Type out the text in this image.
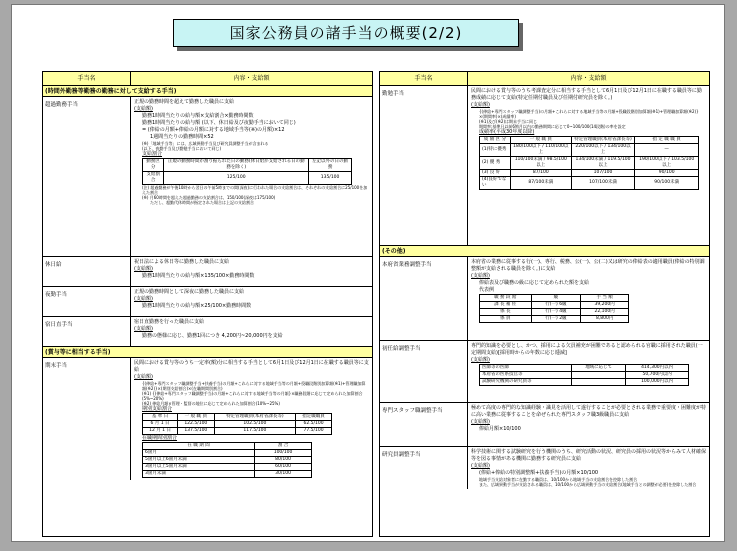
国家公務員の諸手当の概要(2/2)
手当名	内容・支給額
(時間外勤務等勤務の勤務に対して支給する手当)
超過勤務手当	正規の勤務時間を超えて勤務した職員に支給
(支給額)
勤務1時間当たりの給与額×支給割合×勤務時間数
勤務1時間当たりの給与額 (以下、休日給及び夜勤手当において同じ)
= (俸給の月額+俸給の月額に対する地域手当等(※)の月額)×12
1週間当たりの勤務時間×52
(※)「地域手当等」には、広域異動手当及び研究員調整手当が含まれる
(以下、夜勤手当及び勤勉手当において同じ)
支給割合
勤務区分	正規の勤務時間が割り振られた日の勤務(休日給が支給される日の勤務を除く)	左記以外の日の勤務
支給割合	125/100	135/100
(注) 超過勤務が午後10時から翌日の午前5時までの間(深夜)に行われた場合の支給割合は、それぞれの支給割合に25/100を加えた割合
(※) 月60時間を超えた超過勤務の支給割合は、150/100(深夜は175/100)
ただし、超勤代休時間が指定された場合は上記の支給割合
休日給	祝日法による休日等に勤務した職員に支給
(支給額)
勤務1時間当たりの給与額×135/100×勤務時間数
夜勤手当	正規の勤務時間として深夜に勤務した職員に支給
(支給額)
勤務1時間当たりの給与額×25/100×勤務時間数
宿日直手当	宿日直勤務を行った職員に支給
(支給額)
勤務の態様に応じ、勤務1回につき 4,200円~20,000円を支給
(賞与等に相当する手当)
期末手当	民間における賞与等のうち一定率(額)分に相当する手当として6月1日及び12月1日に在職する職員等に支給
(支給額)
{(俸給+専門スタッフ職調整手当+扶養手当)の月額+これらに対する地域手当等の月額+役職段階別加算額(※1)+管理職加算額(※2)}×(期別支給割合)×(在職期間別割合)
(※1) {(俸給+専門スタッフ職調整手当)の月額+これらに対する地域手当等の月額}×職務段階に応じて定められた加算割合(5%~20%)
(※2) 俸給月額×管理・監督の地位に応じて定められた加算割合(10%~25%)
期別支給割合
基 準 日	一 般 職 員	特定管理職員(本府省課長等)	指定職職員
6 月 1 日	122.5/100	102.5/100	62.5/100
12 月 1 日	137.5/100	117.5/100	77.5/100
在職期間別割合
在 職 期 間	割 合
6箇月	100/100
5箇月以上6箇月未満	80/100
3箇月以上5箇月未満	60/100
3箇月未満	30/100
手当名	内容・支給額
勤勉手当	民間における賞与等のうち考課査定分に相当する手当として6月1日及び12月1日に在職する職員等に勤務成績に応じて支給(特定任期付職員及び任期付研究員を除く。)
(支給額)
{(俸給+専門スタッフ職調整手当)の月額+これらに対する地域手当等の月額+役職段階別加算額(※1)+管理職加算額(※2)}×(期間率)×(成績率)
(※1)及び(※2)は期末手当に同じ
期間率:基準日以前6箇月以内の勤務期間に応じて0~100/100(14段階)の率を設定
成績率(平成30年度以降)
成 績 区 分	一 般 職 員	特定管理職員(本府省課長等)	指 定 職 職 員
(1)特に優秀	180/100以下 / 110/100以上	220/100以下 / 134/100以上	—
(2) 優 秀	110/100未満 / 98.5/100以上	134/100未満 / 119.5/100以上	190/100以下 / 103.5/100以上
(3) 良 好	87/100	107/100	90/100
(4)良好でない	87/100未満	107/100未満	90/100未満
(その他)
本府省業務調整手当	本府省の業務に従事する行(一)、専行、税務、公(一)、公(二)又は研究の俸給表の適用職員(俸給の特別調整額が支給される職員を除く。)に支給
(支給額)
俸給表及び職務の級に応じて定められた額を支給
代表例
職 務 段 階	級	手 当 額
課 長 補 佐	行(一) 6級	39,200円
係 長	行(一) 4級	22,100円
係 員	行(一) 2級	8,800円
初任給調整手当	専門的知識を必要とし、かつ、採用による欠員補充が困難であると認められる官職に採用された職員(一定期間支給)[採用時からの年数に応じ逓減]
(支給額)
医師等の医師	地域に応じて	414,300円以内
本府省の医系技官等		50,700円以内
試験研究機関の研究員等		100,000円以内
専門スタッフ職調整手当	極めて高度の専門的な知識経験・識見を活用して遂行することが必要とされる業務で重要度・困難度が特に高い業務に従事することを命ぜられた専門スタッフ職3級職員に支給
(支給額)
俸給月額×10/100
研究員調整手当	科学技術に関する試験研究を行う機関のうち、研究活動の状況、研究員の採用の状況等からみて人材確保等を図る事情がある機関に勤務する研究員に支給
(支給額)
(俸給+俸給の特別調整額+扶養手当)の月額×10/100
地域手当支給対象者に在勤する職員は、10/100から地域手当の支給割合を控除した割合
また、広域異動手当が支給される職員は、10/100から広域異動手当の支給割合(地域手当との調整が必要)を控除した割合
